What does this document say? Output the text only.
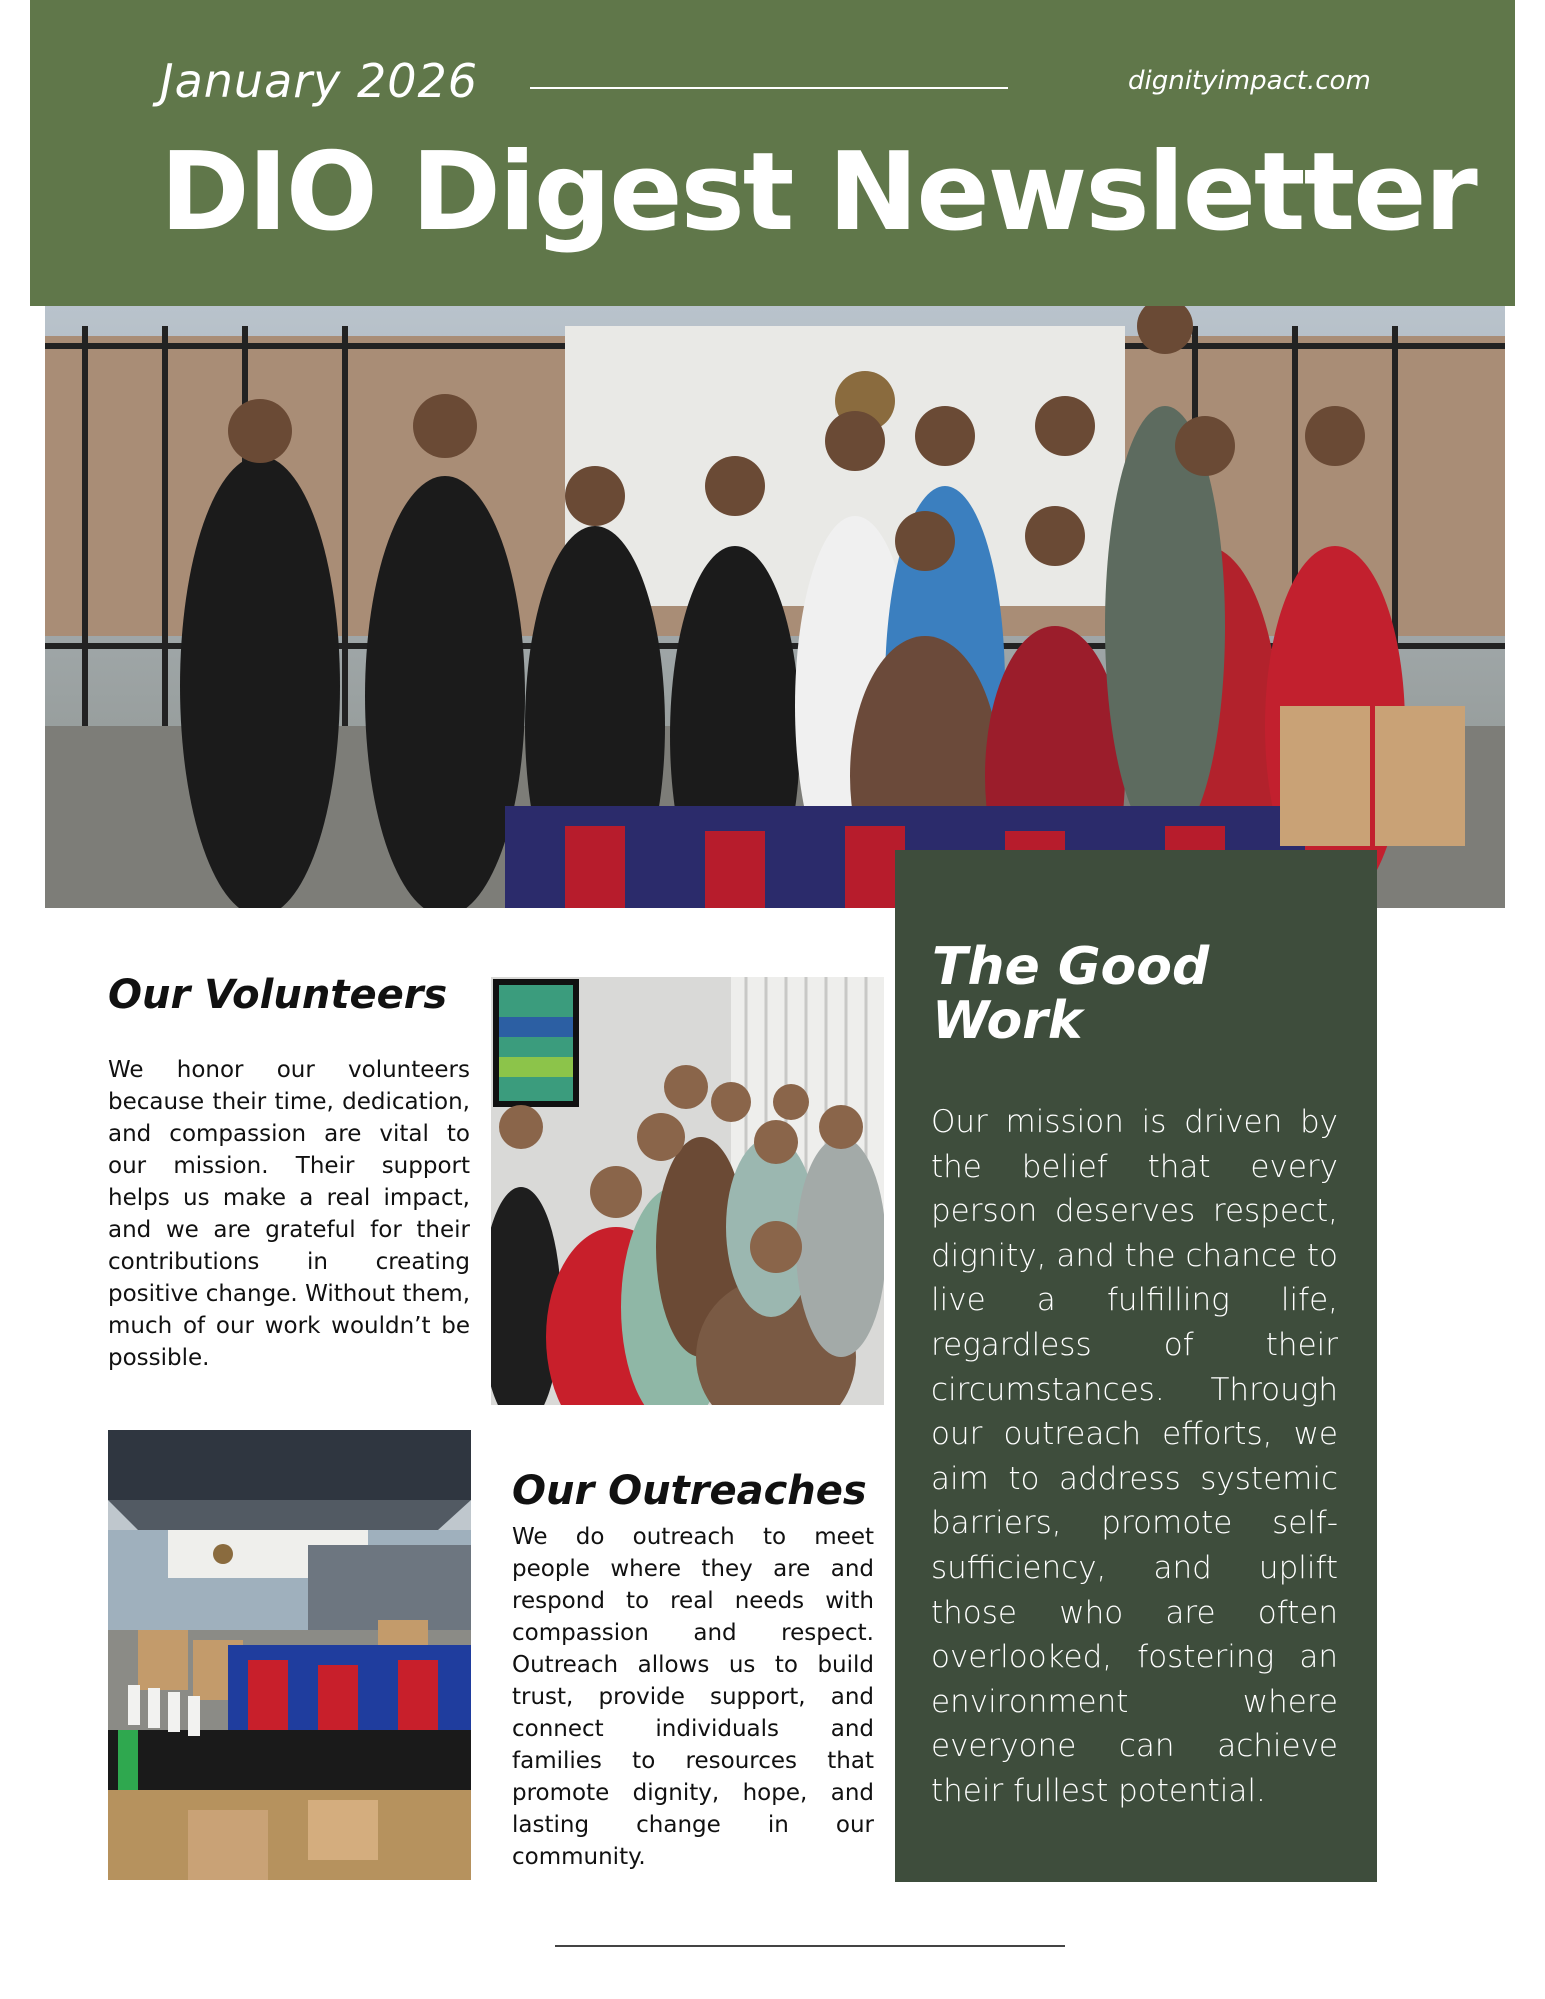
January 2026	dignityimpact.com
DIO Digest Newsletter
Our Volunteers
We honor our volunteers because their time, dedication, and compassion are vital to our mission. Their support helps us make a real impact, and we are grateful for their contributions in creating positive change. Without them, much of our work wouldn’t be possible.
Our Outreaches
We do outreach to meet people where they are and respond to real needs with compassion and respect. Outreach allows us to build trust, provide support, and connect individuals and families to resources that promote dignity, hope, and lasting change in our community.
The Good Work
Our mission is driven by the belief that every person deserves respect, dignity, and the chance to live a fulfilling life, regardless of their circumstances. Through our outreach efforts, we aim to address systemic barriers, promote self-sufficiency, and uplift those who are often overlooked, fostering an environment where everyone can achieve their fullest potential.
